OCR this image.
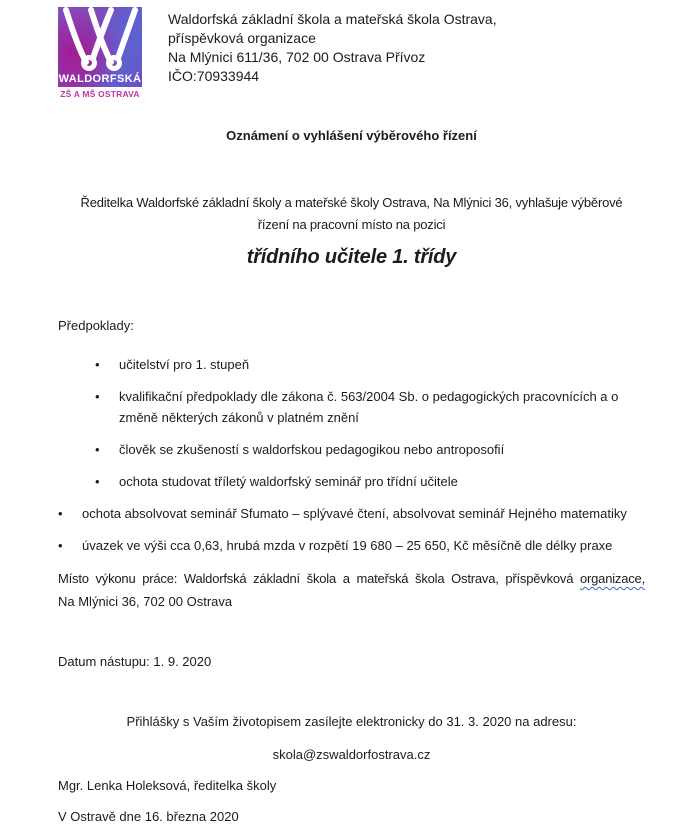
WALDORFSKÁ
ZŠ A MŠ OSTRAVA
Waldorfská základní škola a mateřská škola Ostrava,
příspěvková organizace
Na Mlýnici 611/36, 702 00 Ostrava Přívoz
IČO:70933944
Oznámení o vyhlášení výběrového řízení
Ředitelka Waldorfské základní školy a mateřské školy Ostrava, Na Mlýnici 36, vyhlašuje výběrové
řízení na pracovní místo na pozici
třídního učitele 1. třídy
Předpoklady:
•	učitelství pro 1. stupeň
•	kvalifikační předpoklady dle zákona č. 563/2004 Sb. o pedagogických pracovnících a o změně některých zákonů v platném znění
•	člověk se zkušeností s waldorfskou pedagogikou nebo antroposofií
•	ochota studovat tříletý waldorfský seminář pro třídní učitele
•	ochota absolvovat seminář Sfumato – splývavé čtení, absolvovat seminář Hejného matematiky
•	úvazek ve výši cca 0,63, hrubá mzda v rozpětí 19 680 – 25 650, Kč měsíčně dle délky praxe
Místo výkonu práce: Waldorfská základní škola a mateřská škola Ostrava, příspěvková organizace,
Na Mlýnici 36, 702 00 Ostrava
Datum nástupu: 1. 9. 2020
Přihlášky s Vaším životopisem zasílejte elektronicky do 31. 3. 2020 na adresu:
skola@zswaldorfostrava.cz
Mgr. Lenka Holeksová, ředitelka školy
V Ostravě dne 16. března 2020
